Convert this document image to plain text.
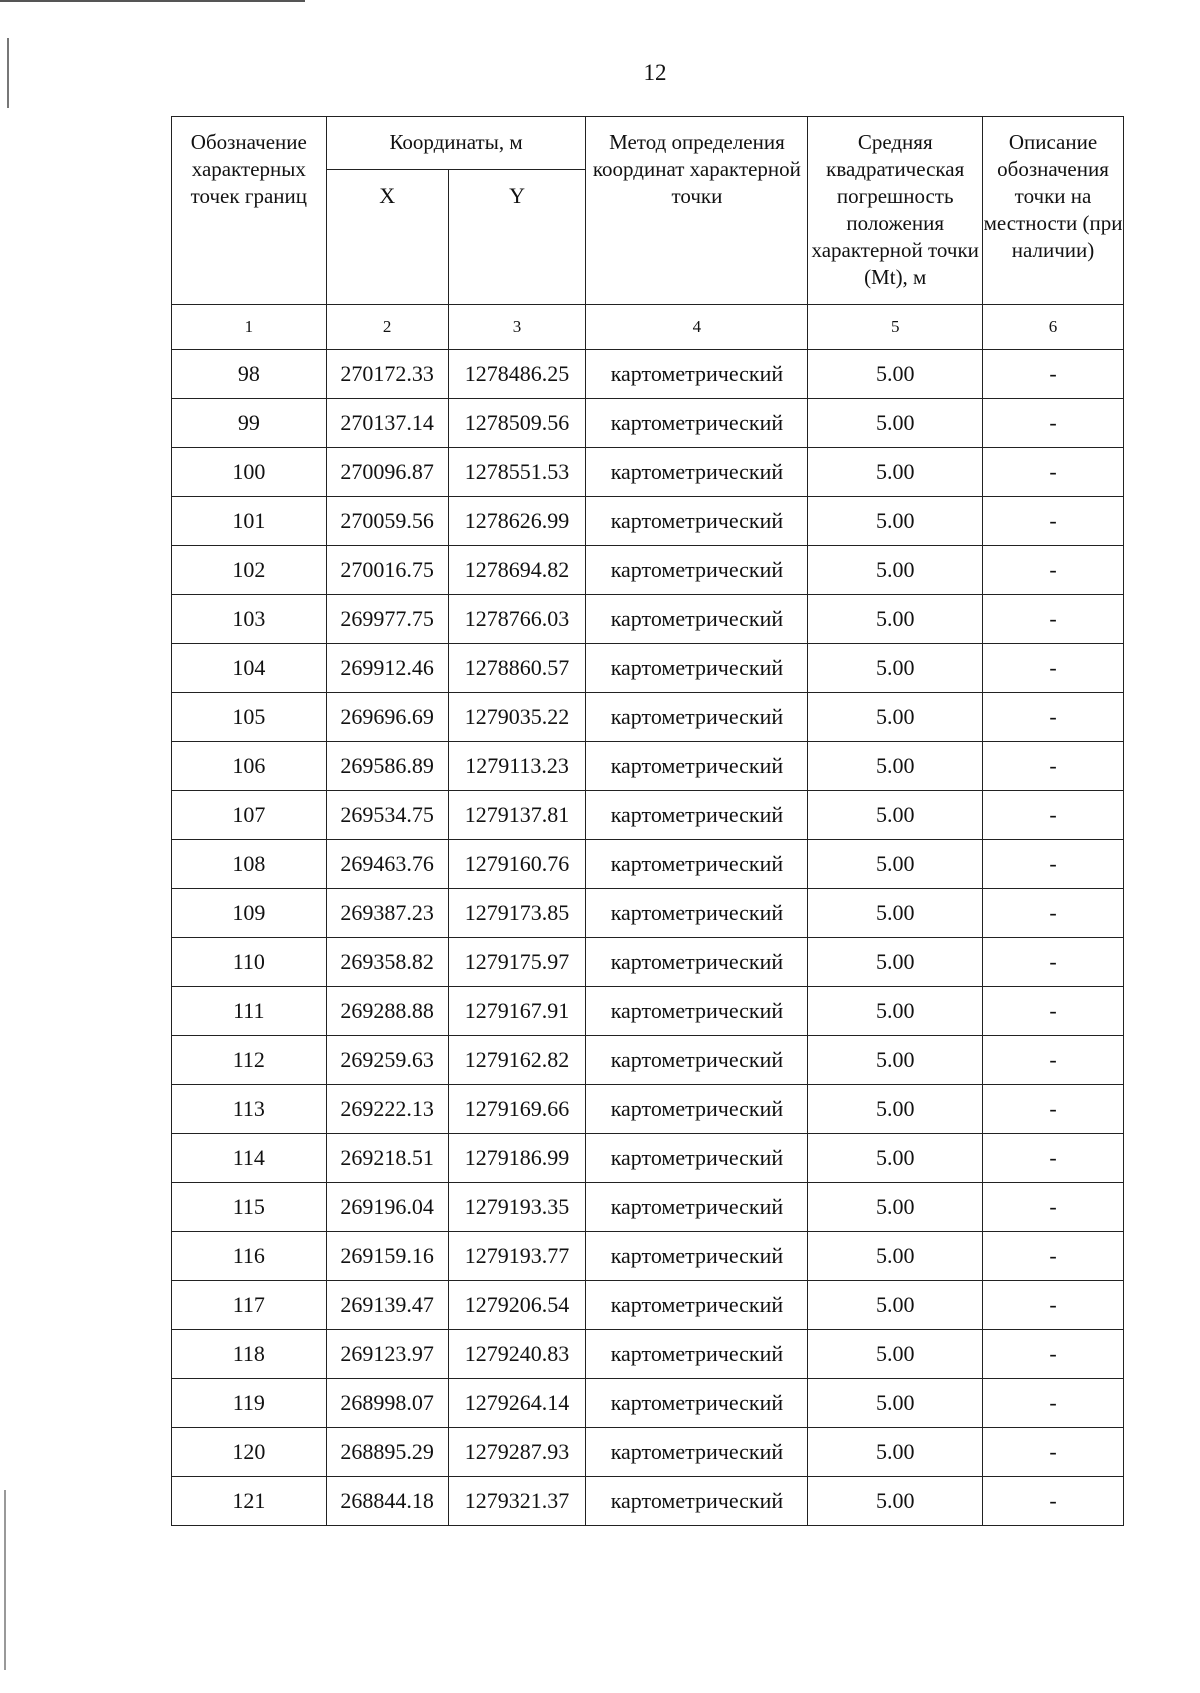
12
Обозначение характерных точек границ	Координаты, м		Метод определения координат характерной точки	Средняя квадратическая погрешность положения характерной точки (Mt), м	Описание обозначения точки на местности (при наличии)
	X	Y			
1	2	3	4	5	6
98	270172.33	1278486.25	картометрический	5.00	-
99	270137.14	1278509.56	картометрический	5.00	-
100	270096.87	1278551.53	картометрический	5.00	-
101	270059.56	1278626.99	картометрический	5.00	-
102	270016.75	1278694.82	картометрический	5.00	-
103	269977.75	1278766.03	картометрический	5.00	-
104	269912.46	1278860.57	картометрический	5.00	-
105	269696.69	1279035.22	картометрический	5.00	-
106	269586.89	1279113.23	картометрический	5.00	-
107	269534.75	1279137.81	картометрический	5.00	-
108	269463.76	1279160.76	картометрический	5.00	-
109	269387.23	1279173.85	картометрический	5.00	-
110	269358.82	1279175.97	картометрический	5.00	-
111	269288.88	1279167.91	картометрический	5.00	-
112	269259.63	1279162.82	картометрический	5.00	-
113	269222.13	1279169.66	картометрический	5.00	-
114	269218.51	1279186.99	картометрический	5.00	-
115	269196.04	1279193.35	картометрический	5.00	-
116	269159.16	1279193.77	картометрический	5.00	-
117	269139.47	1279206.54	картометрический	5.00	-
118	269123.97	1279240.83	картометрический	5.00	-
119	268998.07	1279264.14	картометрический	5.00	-
120	268895.29	1279287.93	картометрический	5.00	-
121	268844.18	1279321.37	картометрический	5.00	-
